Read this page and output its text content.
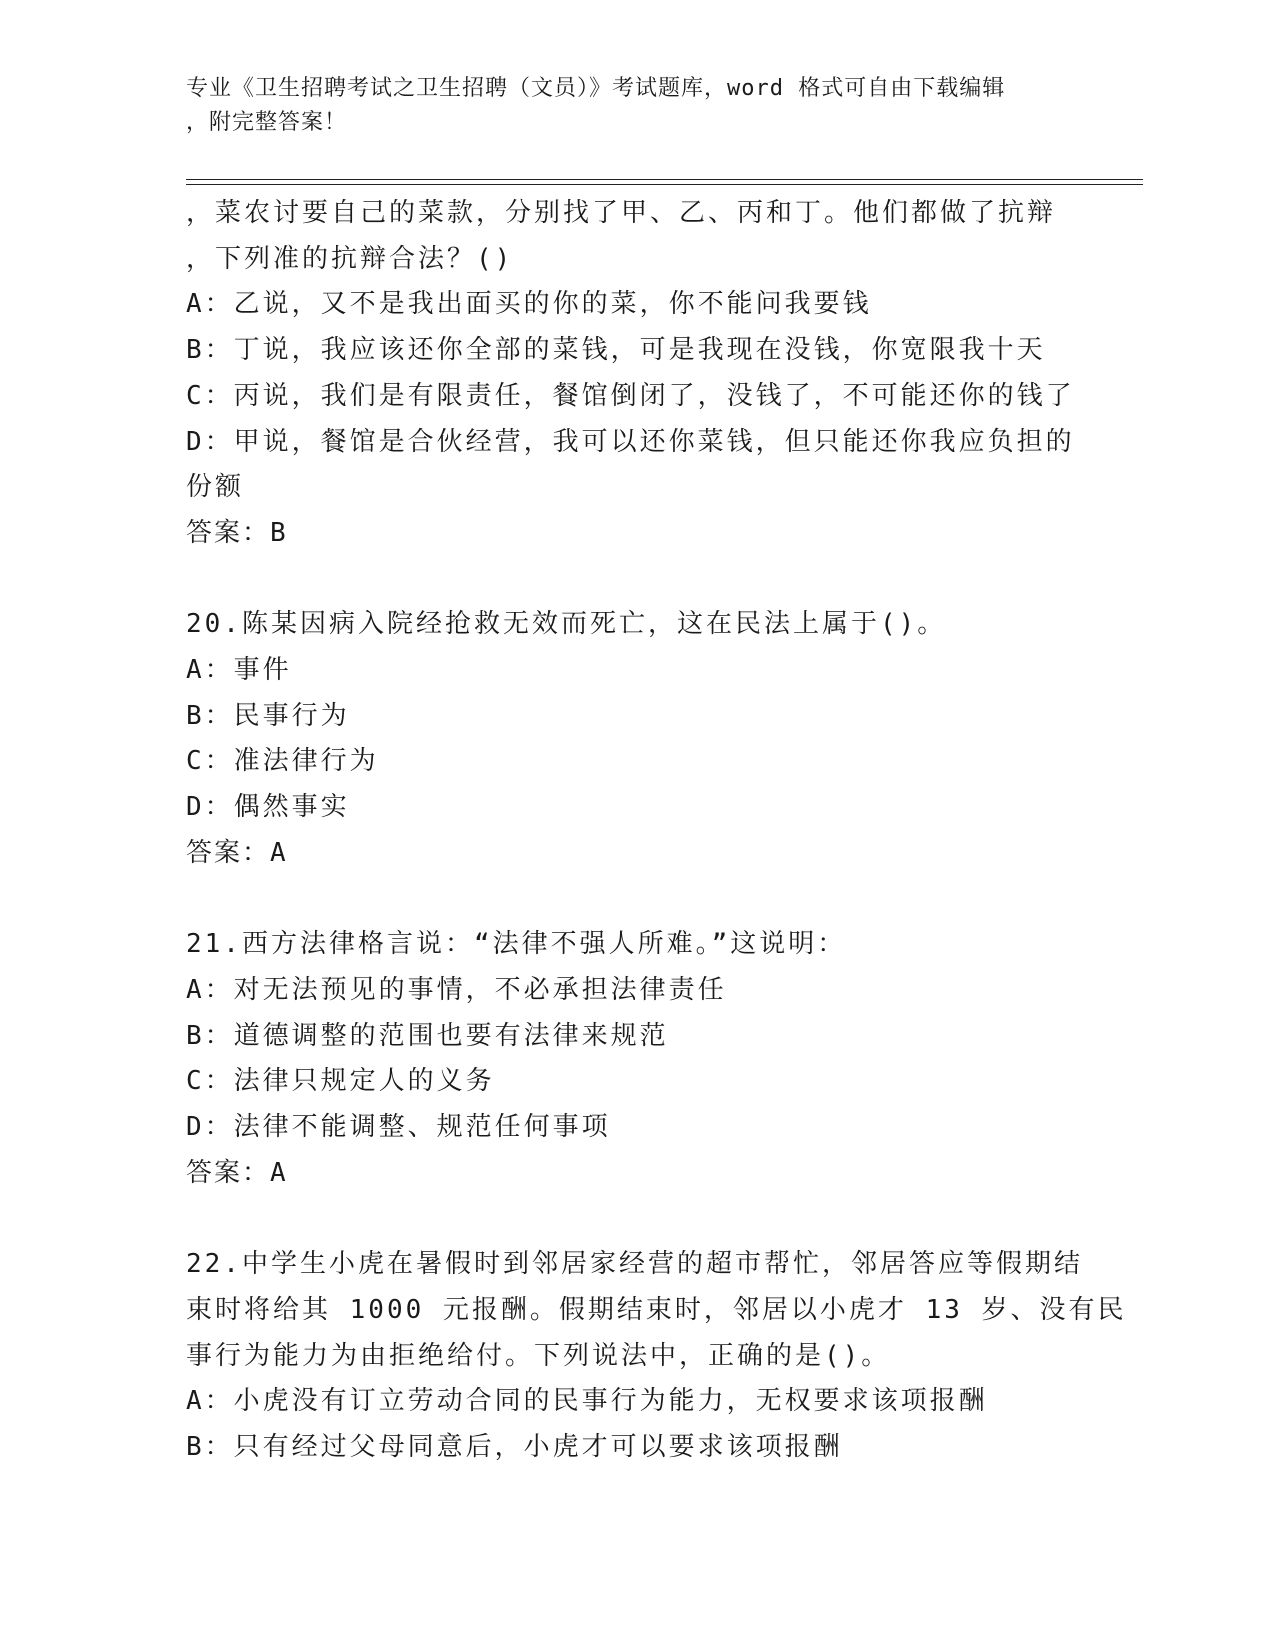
专业《卫生招聘考试之卫生招聘（文员）》考试题库，word 格式可自由下载编辑
，附完整答案！
，菜农讨要自己的菜款，分别找了甲、乙、丙和丁。他们都做了抗辩
，下列准的抗辩合法？()
A：乙说，又不是我出面买的你的菜，你不能问我要钱
B：丁说，我应该还你全部的菜钱，可是我现在没钱，你宽限我十天
C：丙说，我们是有限责任，餐馆倒闭了，没钱了，不可能还你的钱了
D：甲说，餐馆是合伙经营，我可以还你菜钱，但只能还你我应负担的
份额
答案：B
20.陈某因病入院经抢救无效而死亡，这在民法上属于()。
A：事件
B：民事行为
C：准法律行为
D：偶然事实
答案：A
21.西方法律格言说：“法律不强人所难。”这说明：
A：对无法预见的事情，不必承担法律责任
B：道德调整的范围也要有法律来规范
C：法律只规定人的义务
D：法律不能调整、规范任何事项
答案：A
22.中学生小虎在暑假时到邻居家经营的超市帮忙，邻居答应等假期结
束时将给其 1000 元报酬。假期结束时，邻居以小虎才 13 岁、没有民
事行为能力为由拒绝给付。下列说法中，正确的是()。
A：小虎没有订立劳动合同的民事行为能力，无权要求该项报酬
B：只有经过父母同意后，小虎才可以要求该项报酬
